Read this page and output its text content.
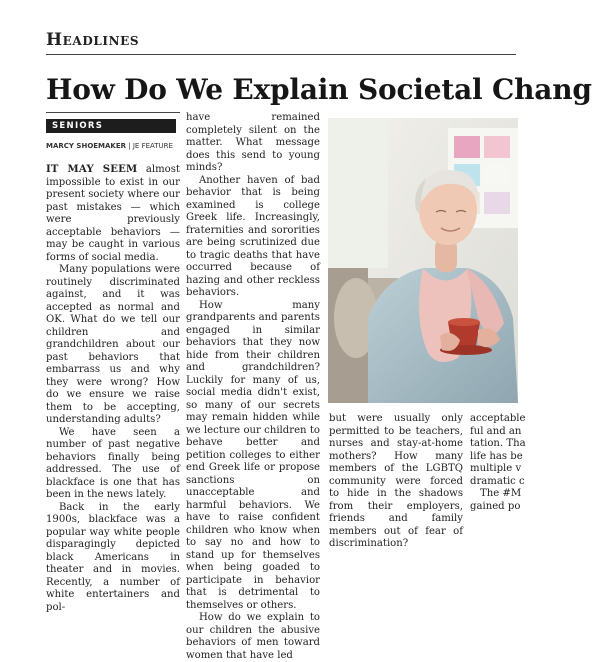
Headlines
How Do We Explain Societal Chang
SENIORS
MARCY SHOEMAKER | JE FEATURE

IT MAY SEEM almost impossible to exist in our present society where our past mistakes — which were previously acceptable behaviors — may be caught in various forms of social media.

Many populations were routinely discriminated against, and it was accepted as normal and OK. What do we tell our children and grandchildren about our past behaviors that embarrass us and why they were wrong? How do we ensure we raise them to be accepting, understanding adults?

We have seen a number of past negative behaviors finally being addressed. The use of blackface is one that has been in the news lately.

Back in the early 1900s, blackface was a popular way white people disparagingly depicted black Americans in theater and in movies. Recently, a number of white entertainers and pol-

have remained completely silent on the matter. What message does this send to young minds?

Another haven of bad behavior that is being examined is college Greek life. Increasingly, fraternities and sororities are being scrutinized due to tragic deaths that have occurred because of hazing and other reckless behaviors.

How many grandparents and parents engaged in similar behaviors that they now hide from their children and grandchildren? Luckily for many of us, social media didn't exist, so many of our secrets may remain hidden while we lecture our children to behave better and petition colleges to either end Greek life or propose sanctions on unacceptable and harmful behaviors. We have to raise confident children who know when to say no and how to stand up for themselves when being goaded to participate in behavior that is detrimental to themselves or others.

How do we explain to our children the abusive behaviors of men toward women that have led

but were usually only permitted to be teachers, nurses and stay-at-home mothers? How many members of the LGBTQ community were forced to hide in the shadows from their employers, friends and family members out of fear of discrimination?

acceptable
ful and an
tation. Tha
life has be
multiple v
dramatic c
The #M
gained po
